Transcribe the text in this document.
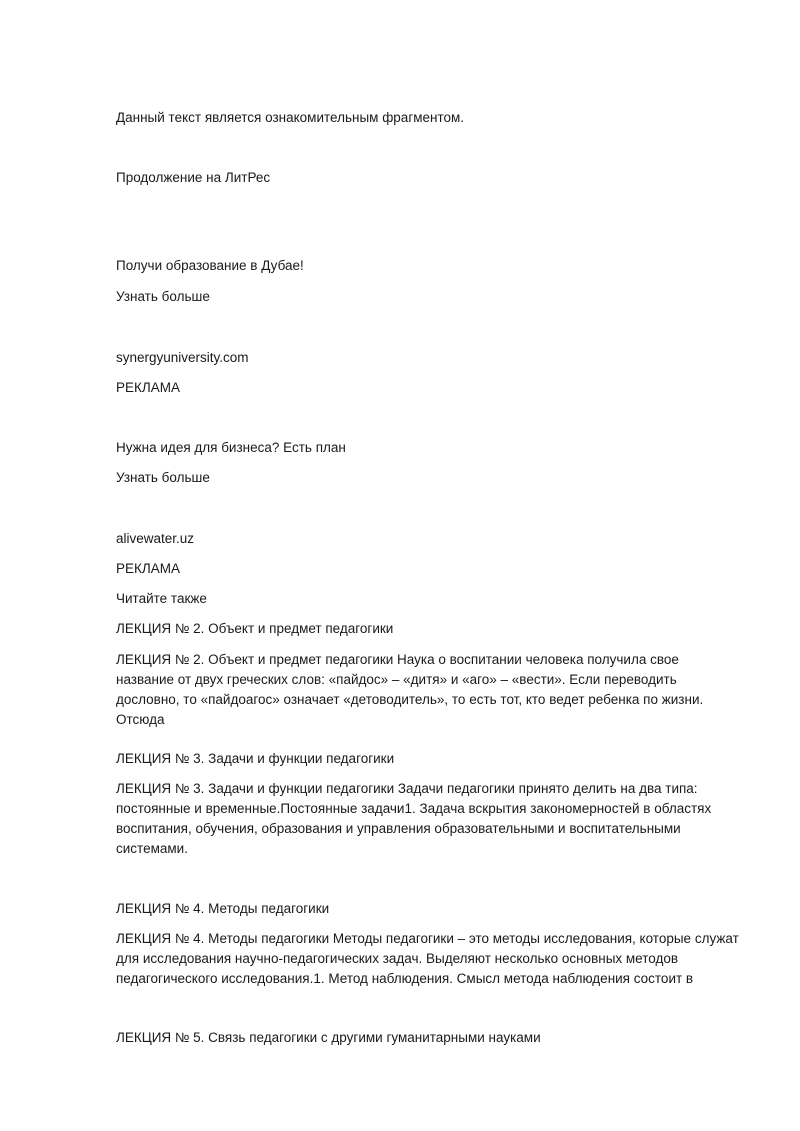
Данный текст является ознакомительным фрагментом.
Продолжение на ЛитРес
Получи образование в Дубае!
Узнать больше
synergyuniversity.com
РЕКЛАМА
Нужна идея для бизнеса? Есть план
Узнать больше
alivewater.uz
РЕКЛАМА
Читайте также
ЛЕКЦИЯ № 2. Объект и предмет педагогики
ЛЕКЦИЯ № 2. Объект и предмет педагогики Наука о воспитании человека получила свое название от двух греческих слов: «пайдос» – «дитя» и «аго» – «вести». Если переводить дословно, то «пайдоагос» означает «детоводитель», то есть тот, кто ведет ребенка по жизни. Отсюда
ЛЕКЦИЯ № 3. Задачи и функции педагогики
ЛЕКЦИЯ № 3. Задачи и функции педагогики Задачи педагогики принято делить на два типа: постоянные и временные.Постоянные задачи1. Задача вскрытия закономерностей в областях воспитания, обучения, образования и управления образовательными и воспитательными системами.
ЛЕКЦИЯ № 4. Методы педагогики
ЛЕКЦИЯ № 4. Методы педагогики Методы педагогики – это методы исследования, которые служат для исследования научно-педагогических задач. Выделяют несколько основных методов педагогического исследования.1. Метод наблюдения. Смысл метода наблюдения состоит в
ЛЕКЦИЯ № 5. Связь педагогики с другими гуманитарными науками
